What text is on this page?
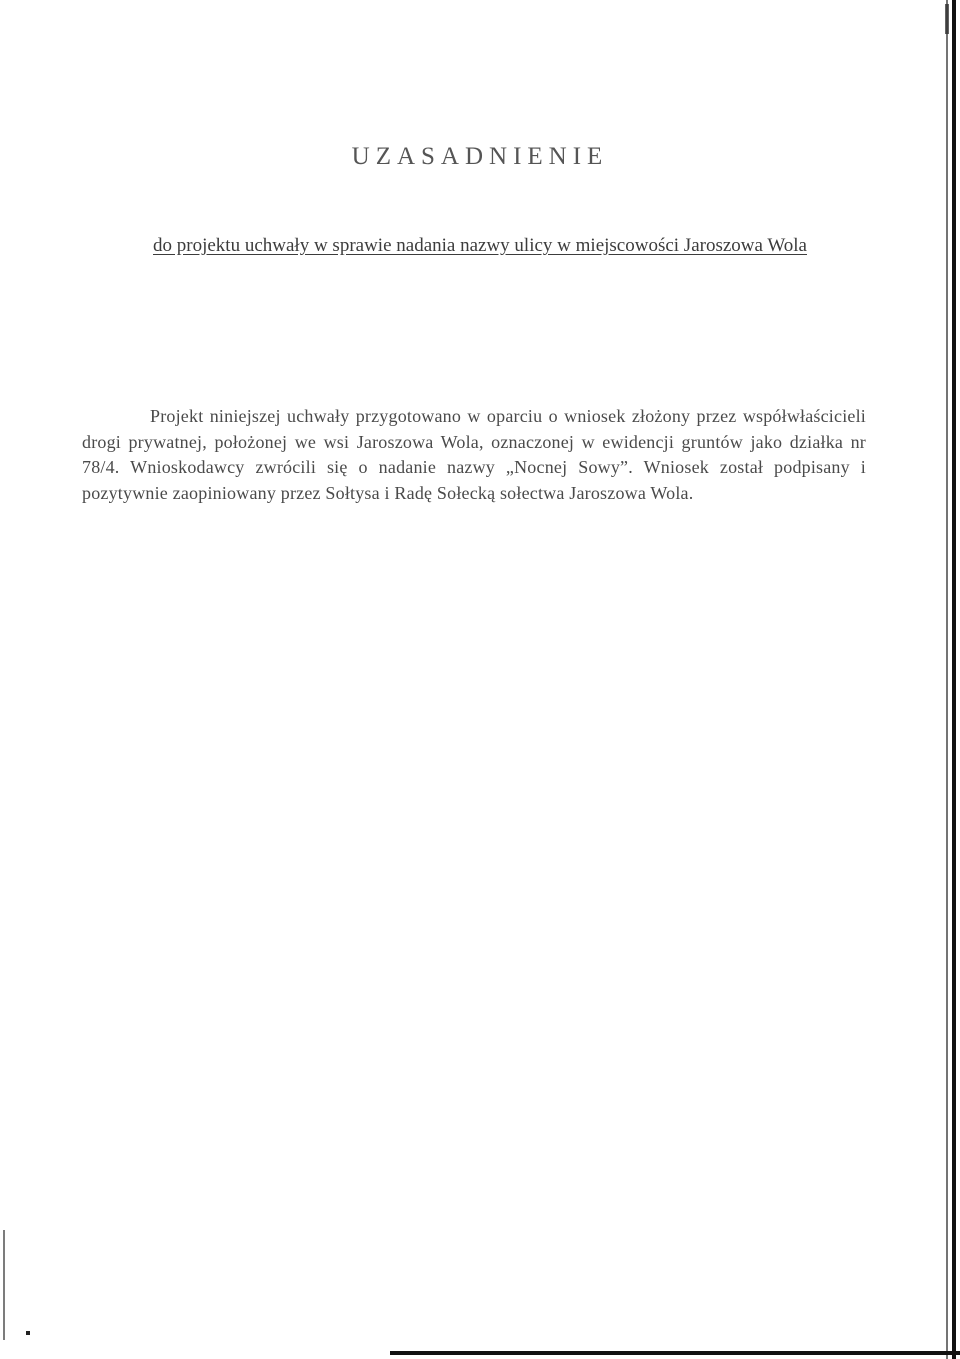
UZASADNIENIE
do projektu uchwały w sprawie nadania nazwy ulicy w miejscowości Jaroszowa Wola

Projekt niniejszej uchwały przygotowano w oparciu o wniosek złożony przez współwłaścicieli drogi prywatnej, położonej we wsi Jaroszowa Wola, oznaczonej w ewidencji gruntów jako działka nr 78/4. Wnioskodawcy zwrócili się o nadanie nazwy „Nocnej Sowy”. Wniosek został podpisany i pozytywnie zaopiniowany przez Sołtysa i Radę Sołecką sołectwa Jaroszowa Wola.
